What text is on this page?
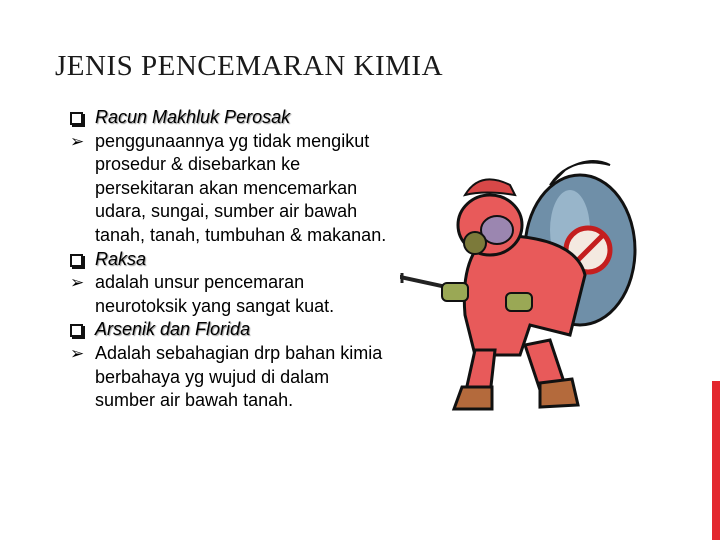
JENIS PENCEMARAN KIMIA
Racun Makhluk Perosak
➢ penggunaannya yg tidak mengikut prosedur & disebarkan ke persekitaran akan mencemarkan udara, sungai, sumber air bawah tanah, tanah, tumbuhan & makanan.
Raksa
➢ adalah unsur pencemaran neurotoksik yang sangat kuat.
Arsenik dan Florida
➢ Adalah sebahagian drp bahan kimia berbahaya yg wujud di dalam sumber air bawah tanah.
